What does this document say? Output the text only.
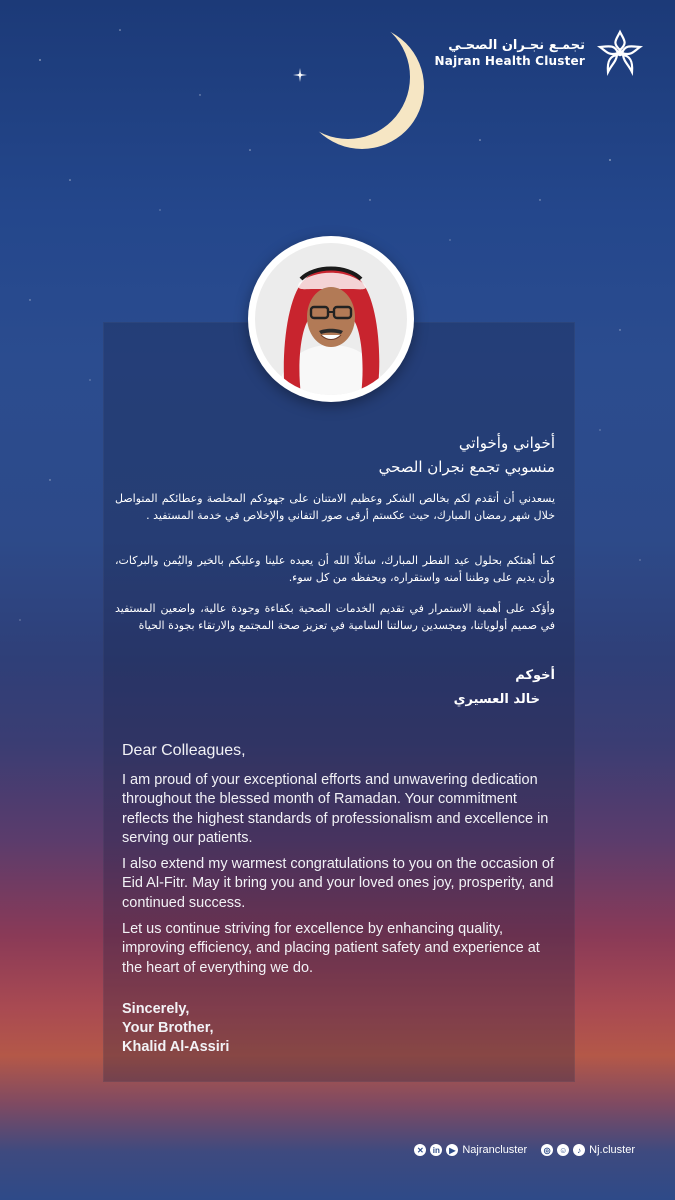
تجمـع نجـران الصحـي
Najran Health Cluster
أخواني وأخواتي
منسوبي تجمع نجران الصحي
يسعدني أن أتقدم لكم بخالص الشكر وعظيم الامتنان على جهودكم المخلصة وعطائكم المتواصل خلال شهر رمضان المبارك، حيث عكستم أرقى صور التفاني والإخلاص في خدمة المستفيد .
كما أهنئكم بحلول عيد الفطر المبارك، سائلًا الله أن يعيده علينا وعليكم بالخير واليُمن والبركات، وأن يديم على وطننا أمنه واستقراره، ويحفظه من كل سوء.
وأؤكد على أهمية الاستمرار في تقديم الخدمات الصحية بكفاءة وجودة عالية، واضعين المستفيد في صميم أولوياتنا، ومجسدين رسالتنا السامية في تعزيز صحة المجتمع والارتقاء بجودة الحياة
أخوكم
خالد العسيري
Dear Colleagues,
I am proud of your exceptional efforts and unwavering dedication throughout the blessed month of Ramadan. Your commitment reflects the highest standards of professionalism and excellence in serving our patients.
I also extend my warmest congratulations to you on the occasion of Eid Al-Fitr. May it bring you and your loved ones joy, prosperity, and continued success.
Let us continue striving for excellence by enhancing quality, improving efficiency, and placing patient safety and experience at the heart of everything we do.
Sincerely,
Your Brother,
Khalid Al-Assiri
✕	in	▶ Najrancluster	◎	☺	♪ Nj.cluster
